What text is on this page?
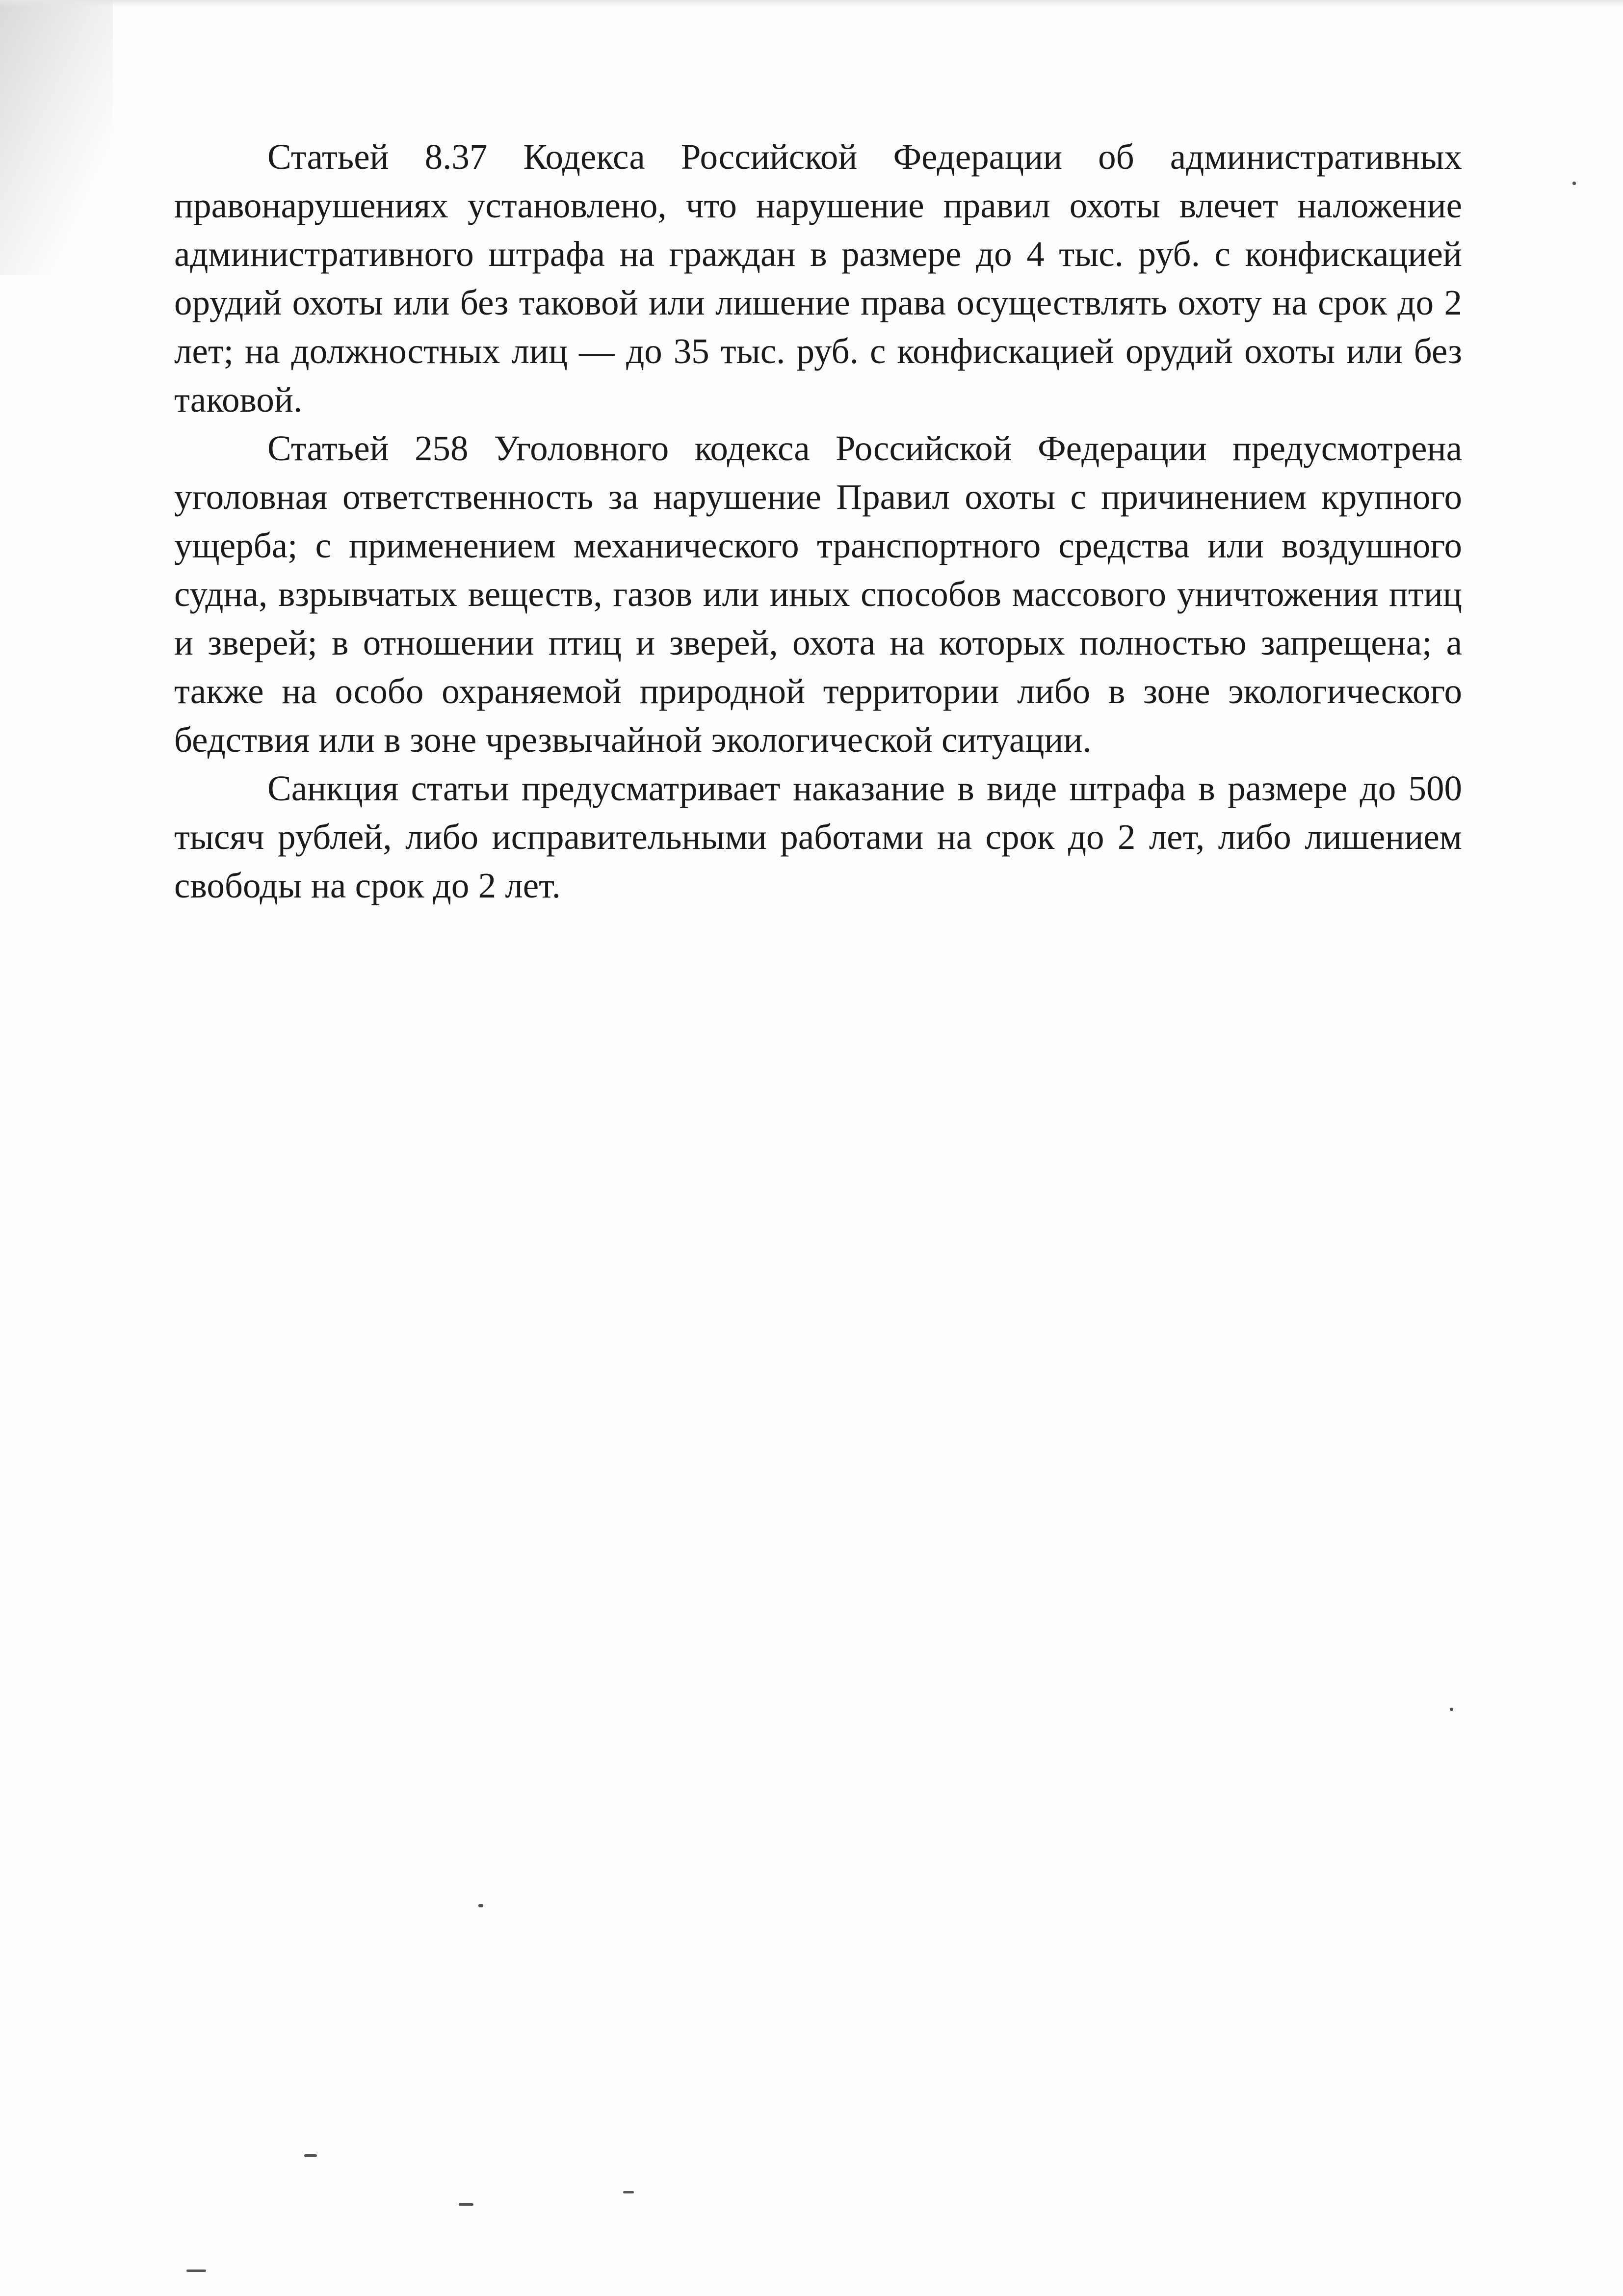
Статьей 8.37 Кодекса Российской Федерации об административных правонарушениях установлено, что нарушение правил охоты влечет наложение административного штрафа на граждан в размере до 4 тыс. руб. с конфискацией орудий охоты или без таковой или лишение права осуществлять охоту на срок до 2 лет; на должностных лиц — до 35 тыс. руб. с конфискацией орудий охоты или без таковой.

Статьей 258 Уголовного кодекса Российской Федерации предусмотрена уголовная ответственность за нарушение Правил охоты с причинением крупного ущерба; с применением механического транспортного средства или воздушного судна, взрывчатых веществ, газов или иных способов массового уничтожения птиц и зверей; в отношении птиц и зверей, охота на которых полностью запрещена; а также на особо охраняемой природной территории либо в зоне экологического бедствия или в зоне чрезвычайной экологической ситуации.

Санкция статьи предусматривает наказание в виде штрафа в размере до 500 тысяч рублей, либо исправительными работами на срок до 2 лет, либо лишением свободы на срок до 2 лет.
